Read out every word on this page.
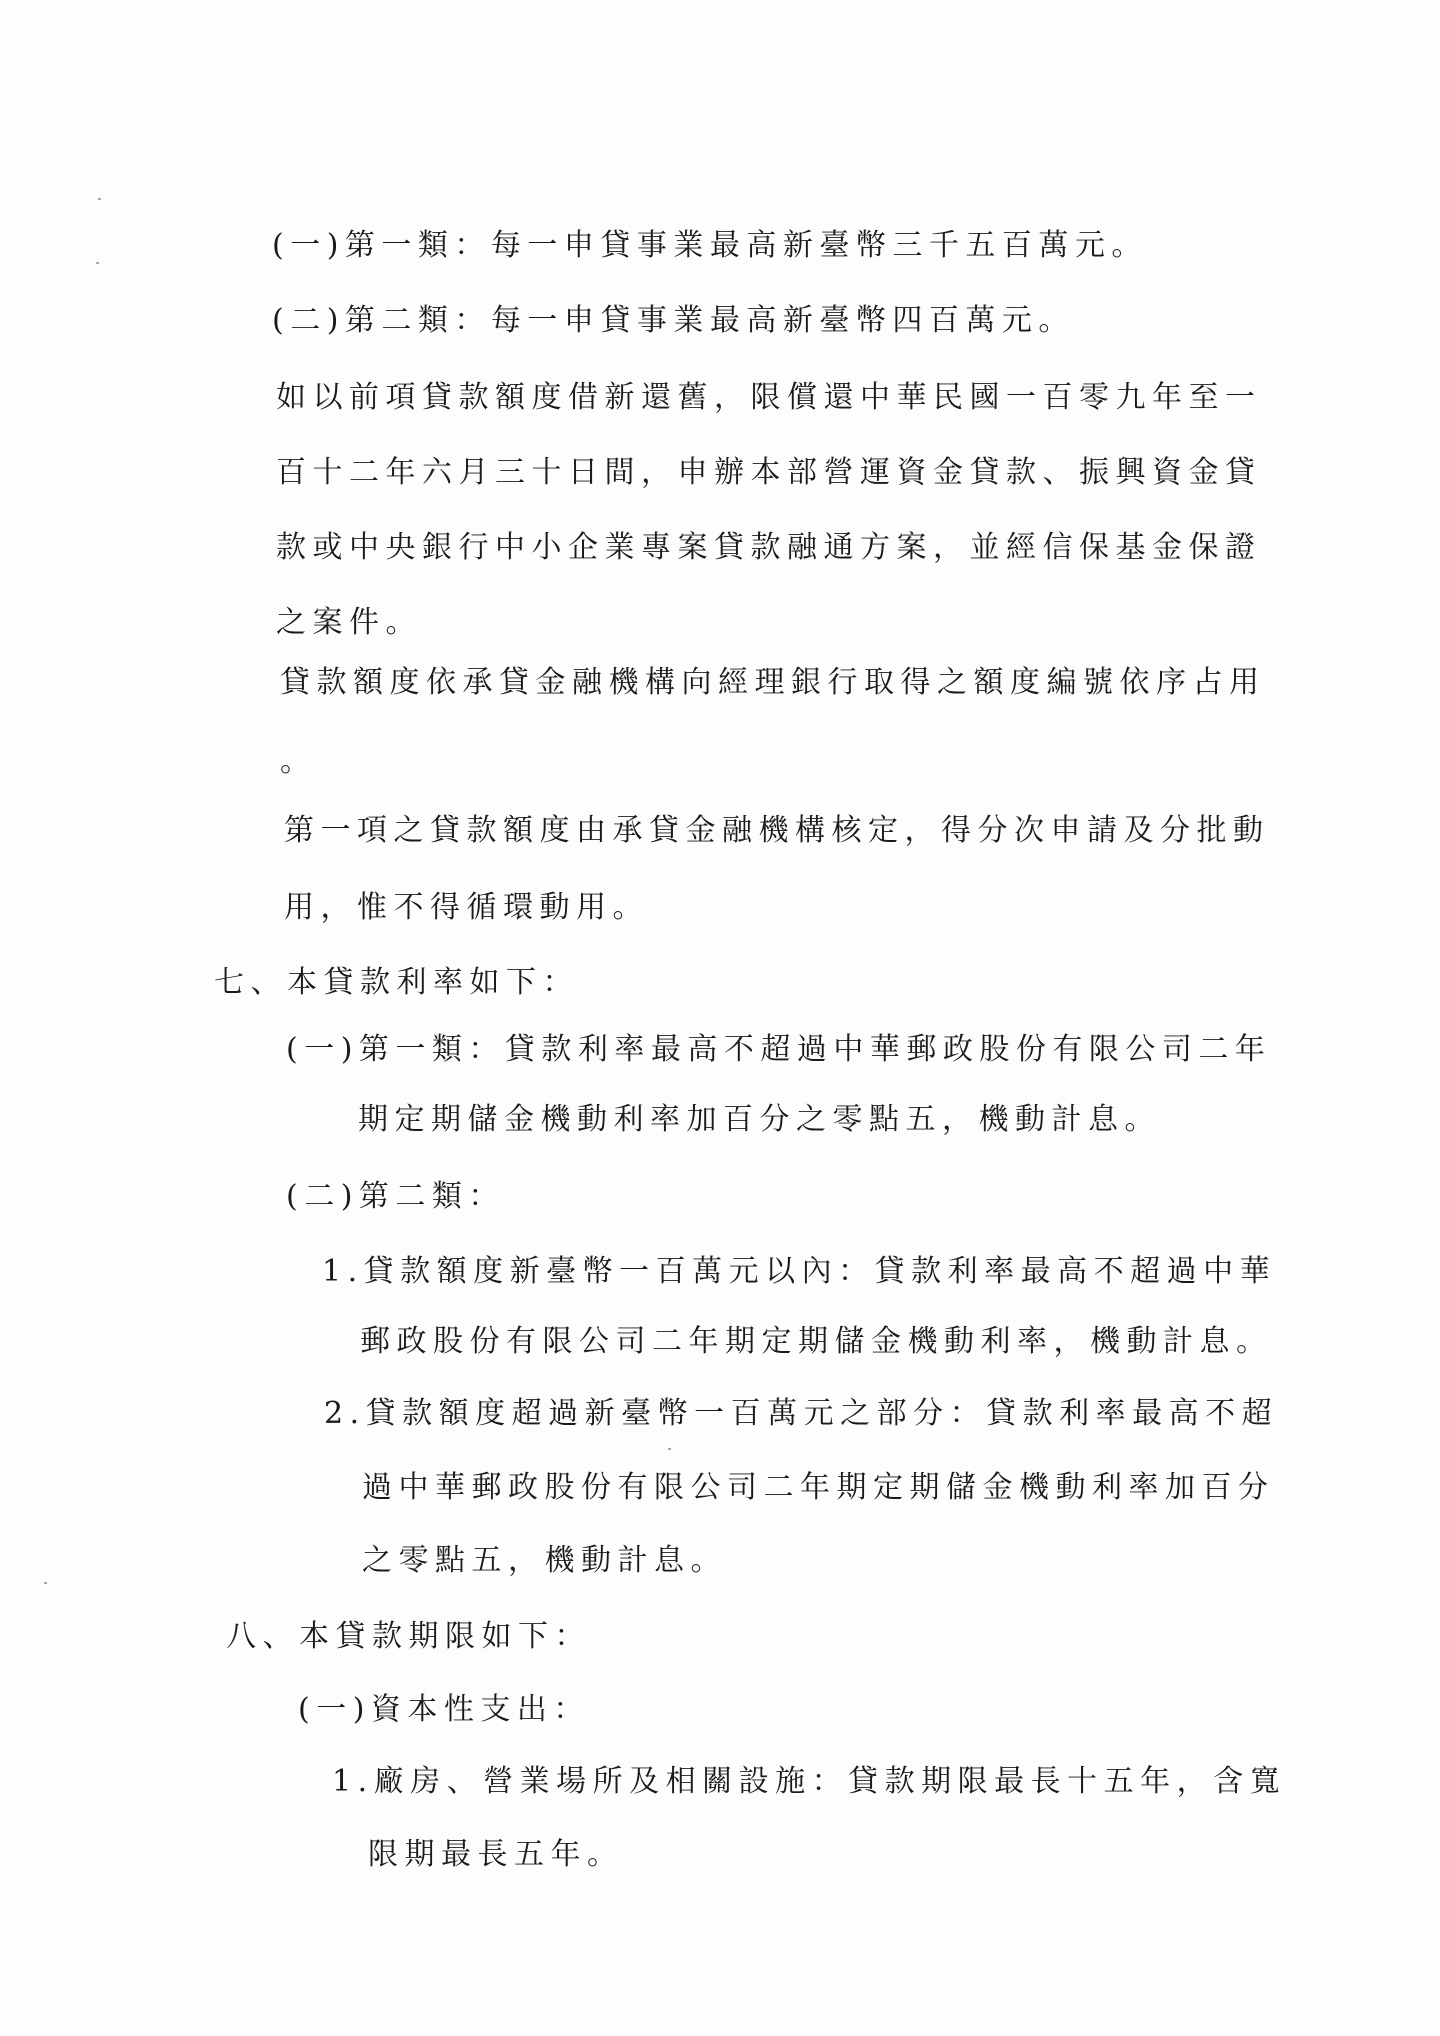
(一)第一類：每一申貸事業最高新臺幣三千五百萬元。
(二)第二類：每一申貸事業最高新臺幣四百萬元。
如以前項貸款額度借新還舊，限償還中華民國一百零九年至一
百十二年六月三十日間，申辦本部營運資金貸款、振興資金貸
款或中央銀行中小企業專案貸款融通方案，並經信保基金保證
之案件。
貸款額度依承貸金融機構向經理銀行取得之額度編號依序占用
。
第一項之貸款額度由承貸金融機構核定，得分次申請及分批動
用，惟不得循環動用。
七、本貸款利率如下：
(一)第一類：貸款利率最高不超過中華郵政股份有限公司二年
期定期儲金機動利率加百分之零點五，機動計息。
(二)第二類：
1.貸款額度新臺幣一百萬元以內：貸款利率最高不超過中華
郵政股份有限公司二年期定期儲金機動利率，機動計息。
2.貸款額度超過新臺幣一百萬元之部分：貸款利率最高不超
過中華郵政股份有限公司二年期定期儲金機動利率加百分
之零點五，機動計息。
八、本貸款期限如下：
(一)資本性支出：
1.廠房、營業場所及相關設施：貸款期限最長十五年，含寬
限期最長五年。
